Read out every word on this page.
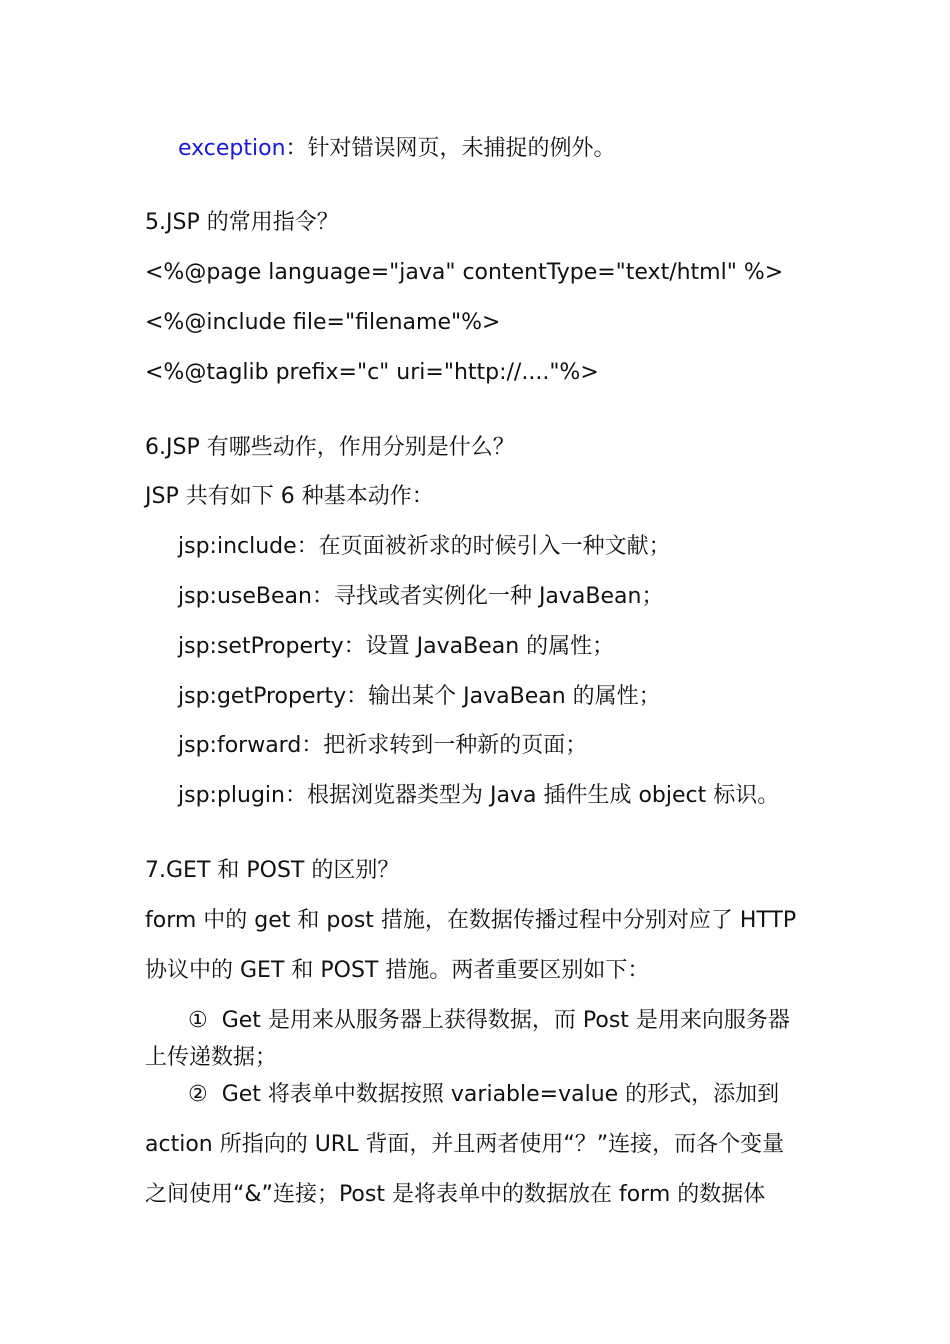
exception：针对错误网页，未捕捉的例外。
5.JSP 的常用指令？
<%@page language="java" contentType="text/html" %>
<%@include file="filename"%>
<%@taglib prefix="c" uri="http://...."%>
6.JSP 有哪些动作，作用分别是什么？
JSP 共有如下 6 种基本动作：
jsp:include：在页面被祈求的时候引入一种文献；
jsp:useBean：寻找或者实例化一种 JavaBean；
jsp:setProperty：设置 JavaBean 的属性；
jsp:getProperty：输出某个 JavaBean 的属性；
jsp:forward：把祈求转到一种新的页面；
jsp:plugin：根据浏览器类型为 Java 插件生成 object 标识。
7.GET 和 POST 的区别？
form 中的 get 和 post 措施，在数据传播过程中分别对应了 HTTP
协议中的 GET 和 POST 措施。两者重要区别如下：
①  Get 是用来从服务器上获得数据，而 Post 是用来向服务器
上传递数据；
②  Get 将表单中数据按照 variable=value 的形式，添加到
action 所指向的 URL 背面，并且两者使用“？”连接，而各个变量
之间使用“&”连接；Post 是将表单中的数据放在 form 的数据体
